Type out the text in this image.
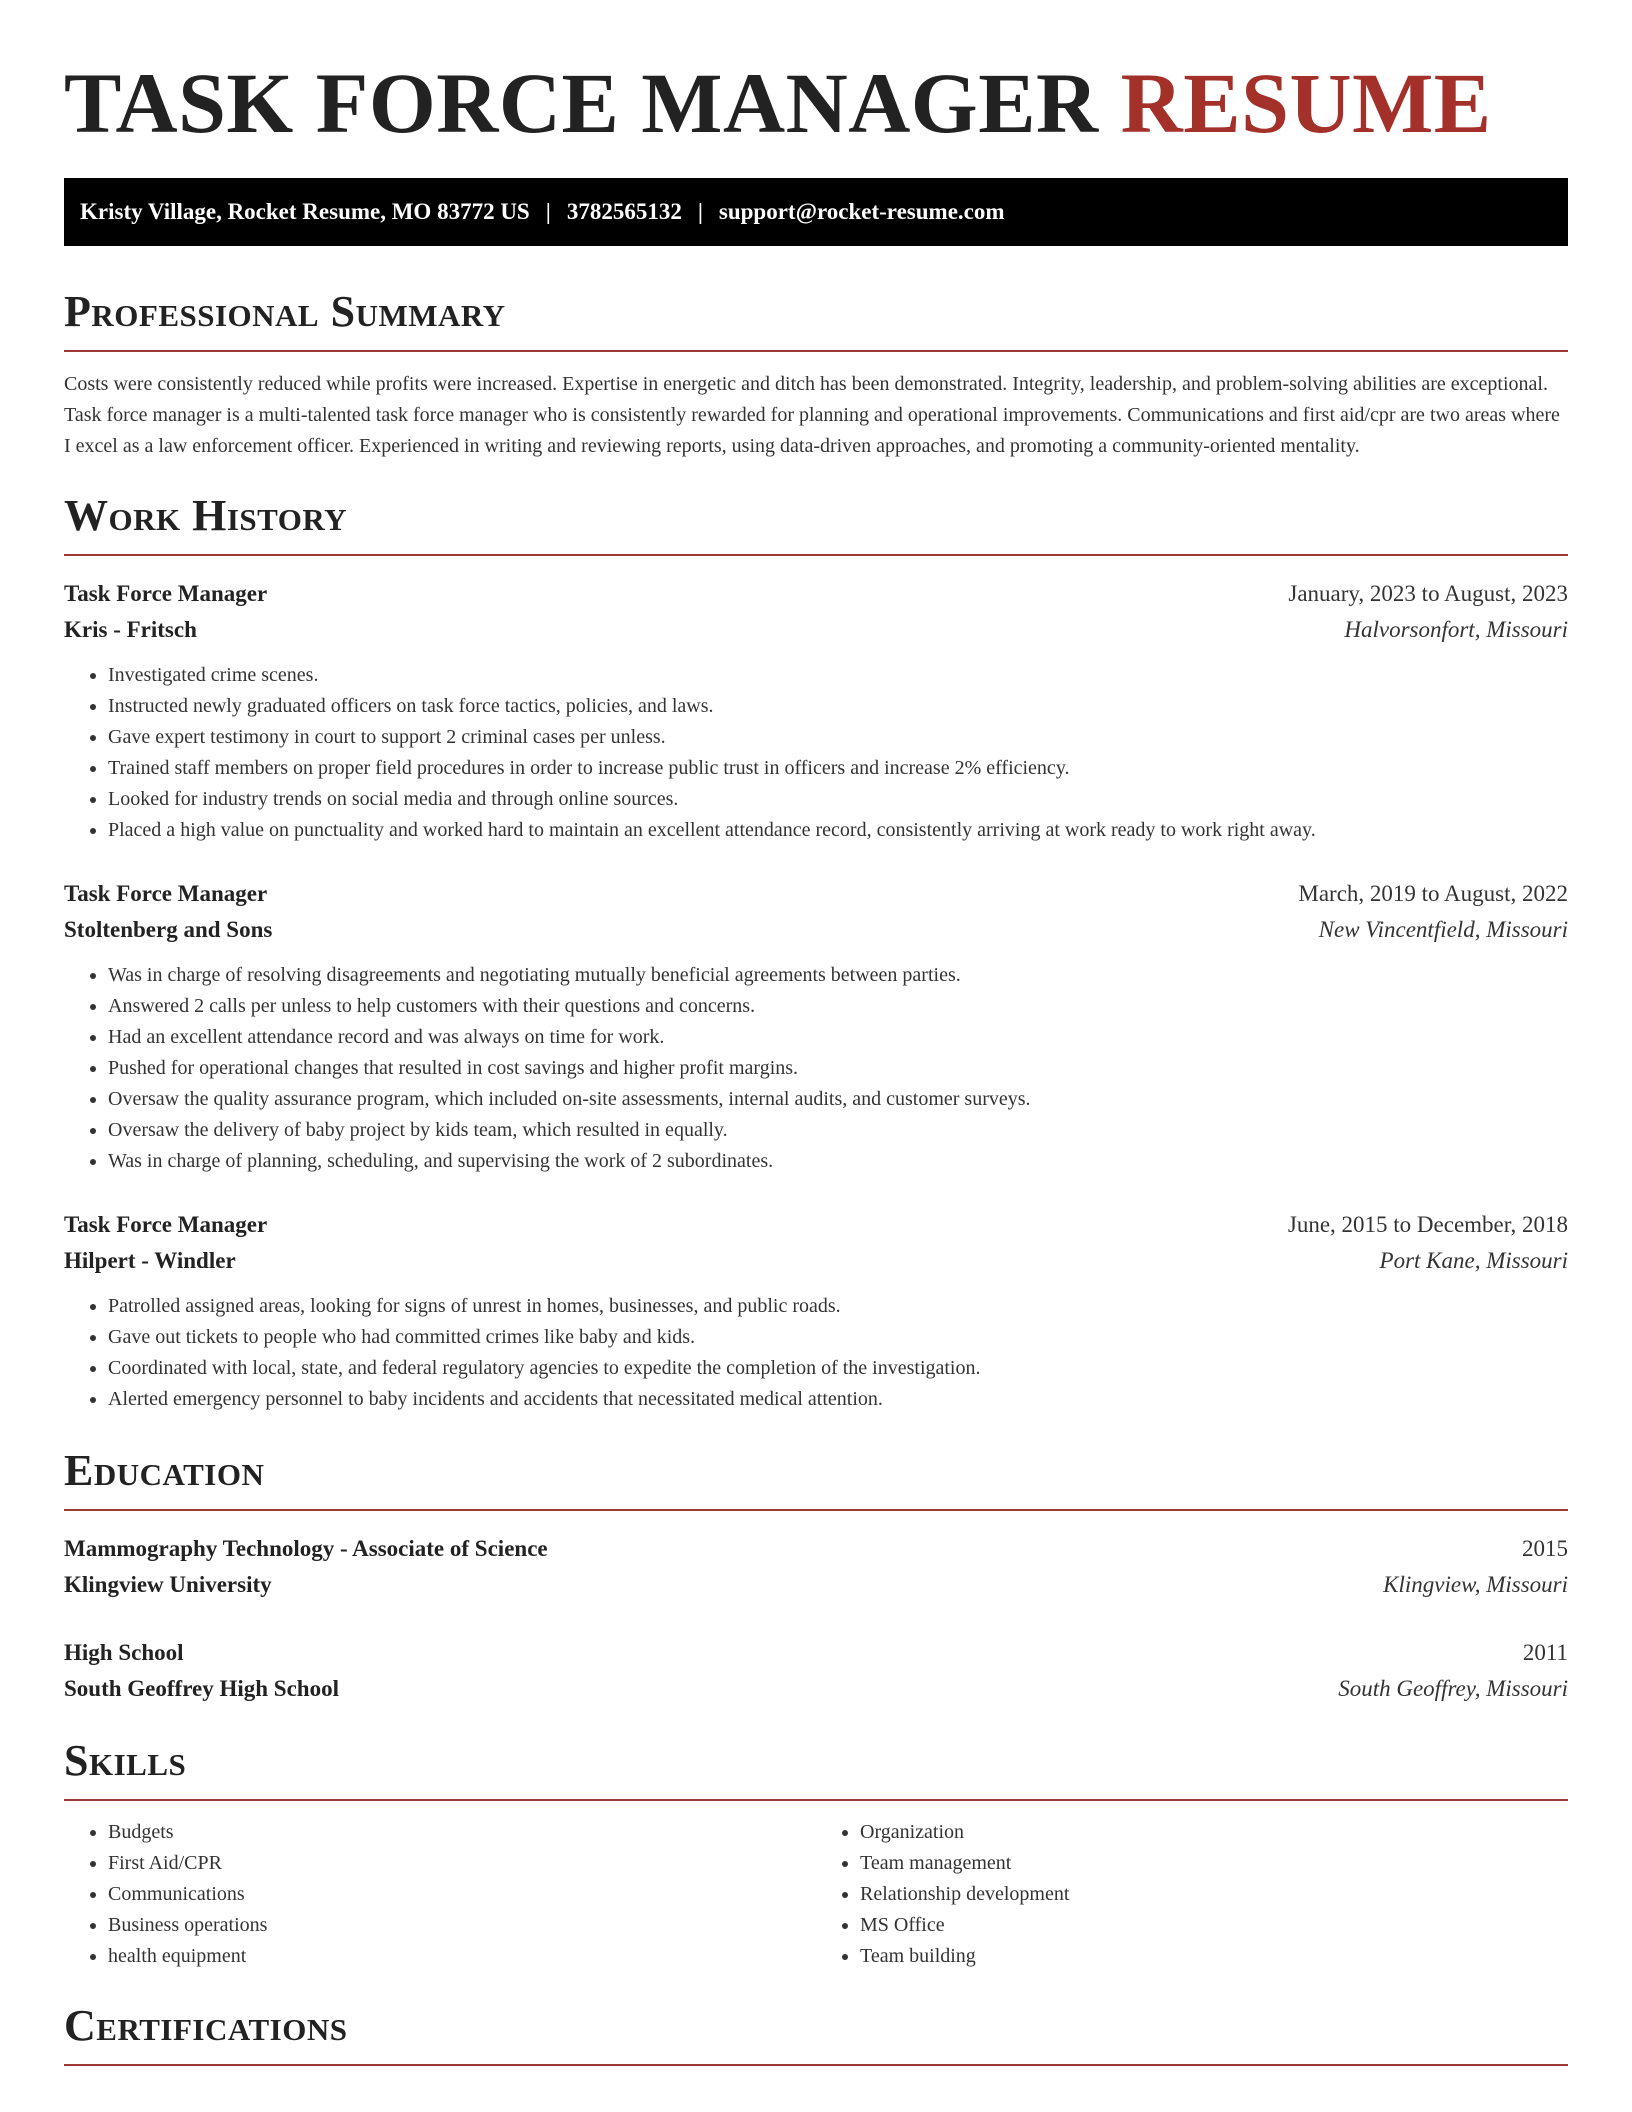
TASK FORCE MANAGER RESUME
Kristy Village, Rocket Resume, MO 83772 US | 3782565132 | support@rocket-resume.com
Professional Summary

Costs were consistently reduced while profits were increased. Expertise in energetic and ditch has been demonstrated. Integrity, leadership, and problem-solving abilities are exceptional. Task force manager is a multi-talented task force manager who is consistently rewarded for planning and operational improvements. Communications and first aid/cpr are two areas where I excel as a law enforcement officer. Experienced in writing and reviewing reports, using data-driven approaches, and promoting a community-oriented mentality.

Work History
Task Force Manager	January, 2023 to August, 2023
Kris - Fritsch	Halvorsonfort, Missouri
• Investigated crime scenes.
• Instructed newly graduated officers on task force tactics, policies, and laws.
• Gave expert testimony in court to support 2 criminal cases per unless.
• Trained staff members on proper field procedures in order to increase public trust in officers and increase 2% efficiency.
• Looked for industry trends on social media and through online sources.
• Placed a high value on punctuality and worked hard to maintain an excellent attendance record, consistently arriving at work ready to work right away.
Task Force Manager	March, 2019 to August, 2022
Stoltenberg and Sons	New Vincentfield, Missouri
• Was in charge of resolving disagreements and negotiating mutually beneficial agreements between parties.
• Answered 2 calls per unless to help customers with their questions and concerns.
• Had an excellent attendance record and was always on time for work.
• Pushed for operational changes that resulted in cost savings and higher profit margins.
• Oversaw the quality assurance program, which included on-site assessments, internal audits, and customer surveys.
• Oversaw the delivery of baby project by kids team, which resulted in equally.
• Was in charge of planning, scheduling, and supervising the work of 2 subordinates.
Task Force Manager	June, 2015 to December, 2018
Hilpert - Windler	Port Kane, Missouri
• Patrolled assigned areas, looking for signs of unrest in homes, businesses, and public roads.
• Gave out tickets to people who had committed crimes like baby and kids.
• Coordinated with local, state, and federal regulatory agencies to expedite the completion of the investigation.
• Alerted emergency personnel to baby incidents and accidents that necessitated medical attention.
Education
Mammography Technology - Associate of Science	2015
Klingview University	Klingview, Missouri
High School	2011
South Geoffrey High School	South Geoffrey, Missouri
Skills
• Budgets
• First Aid/CPR
• Communications
• Business operations
• health equipment
• Organization
• Team management
• Relationship development
• MS Office
• Team building
Certifications
